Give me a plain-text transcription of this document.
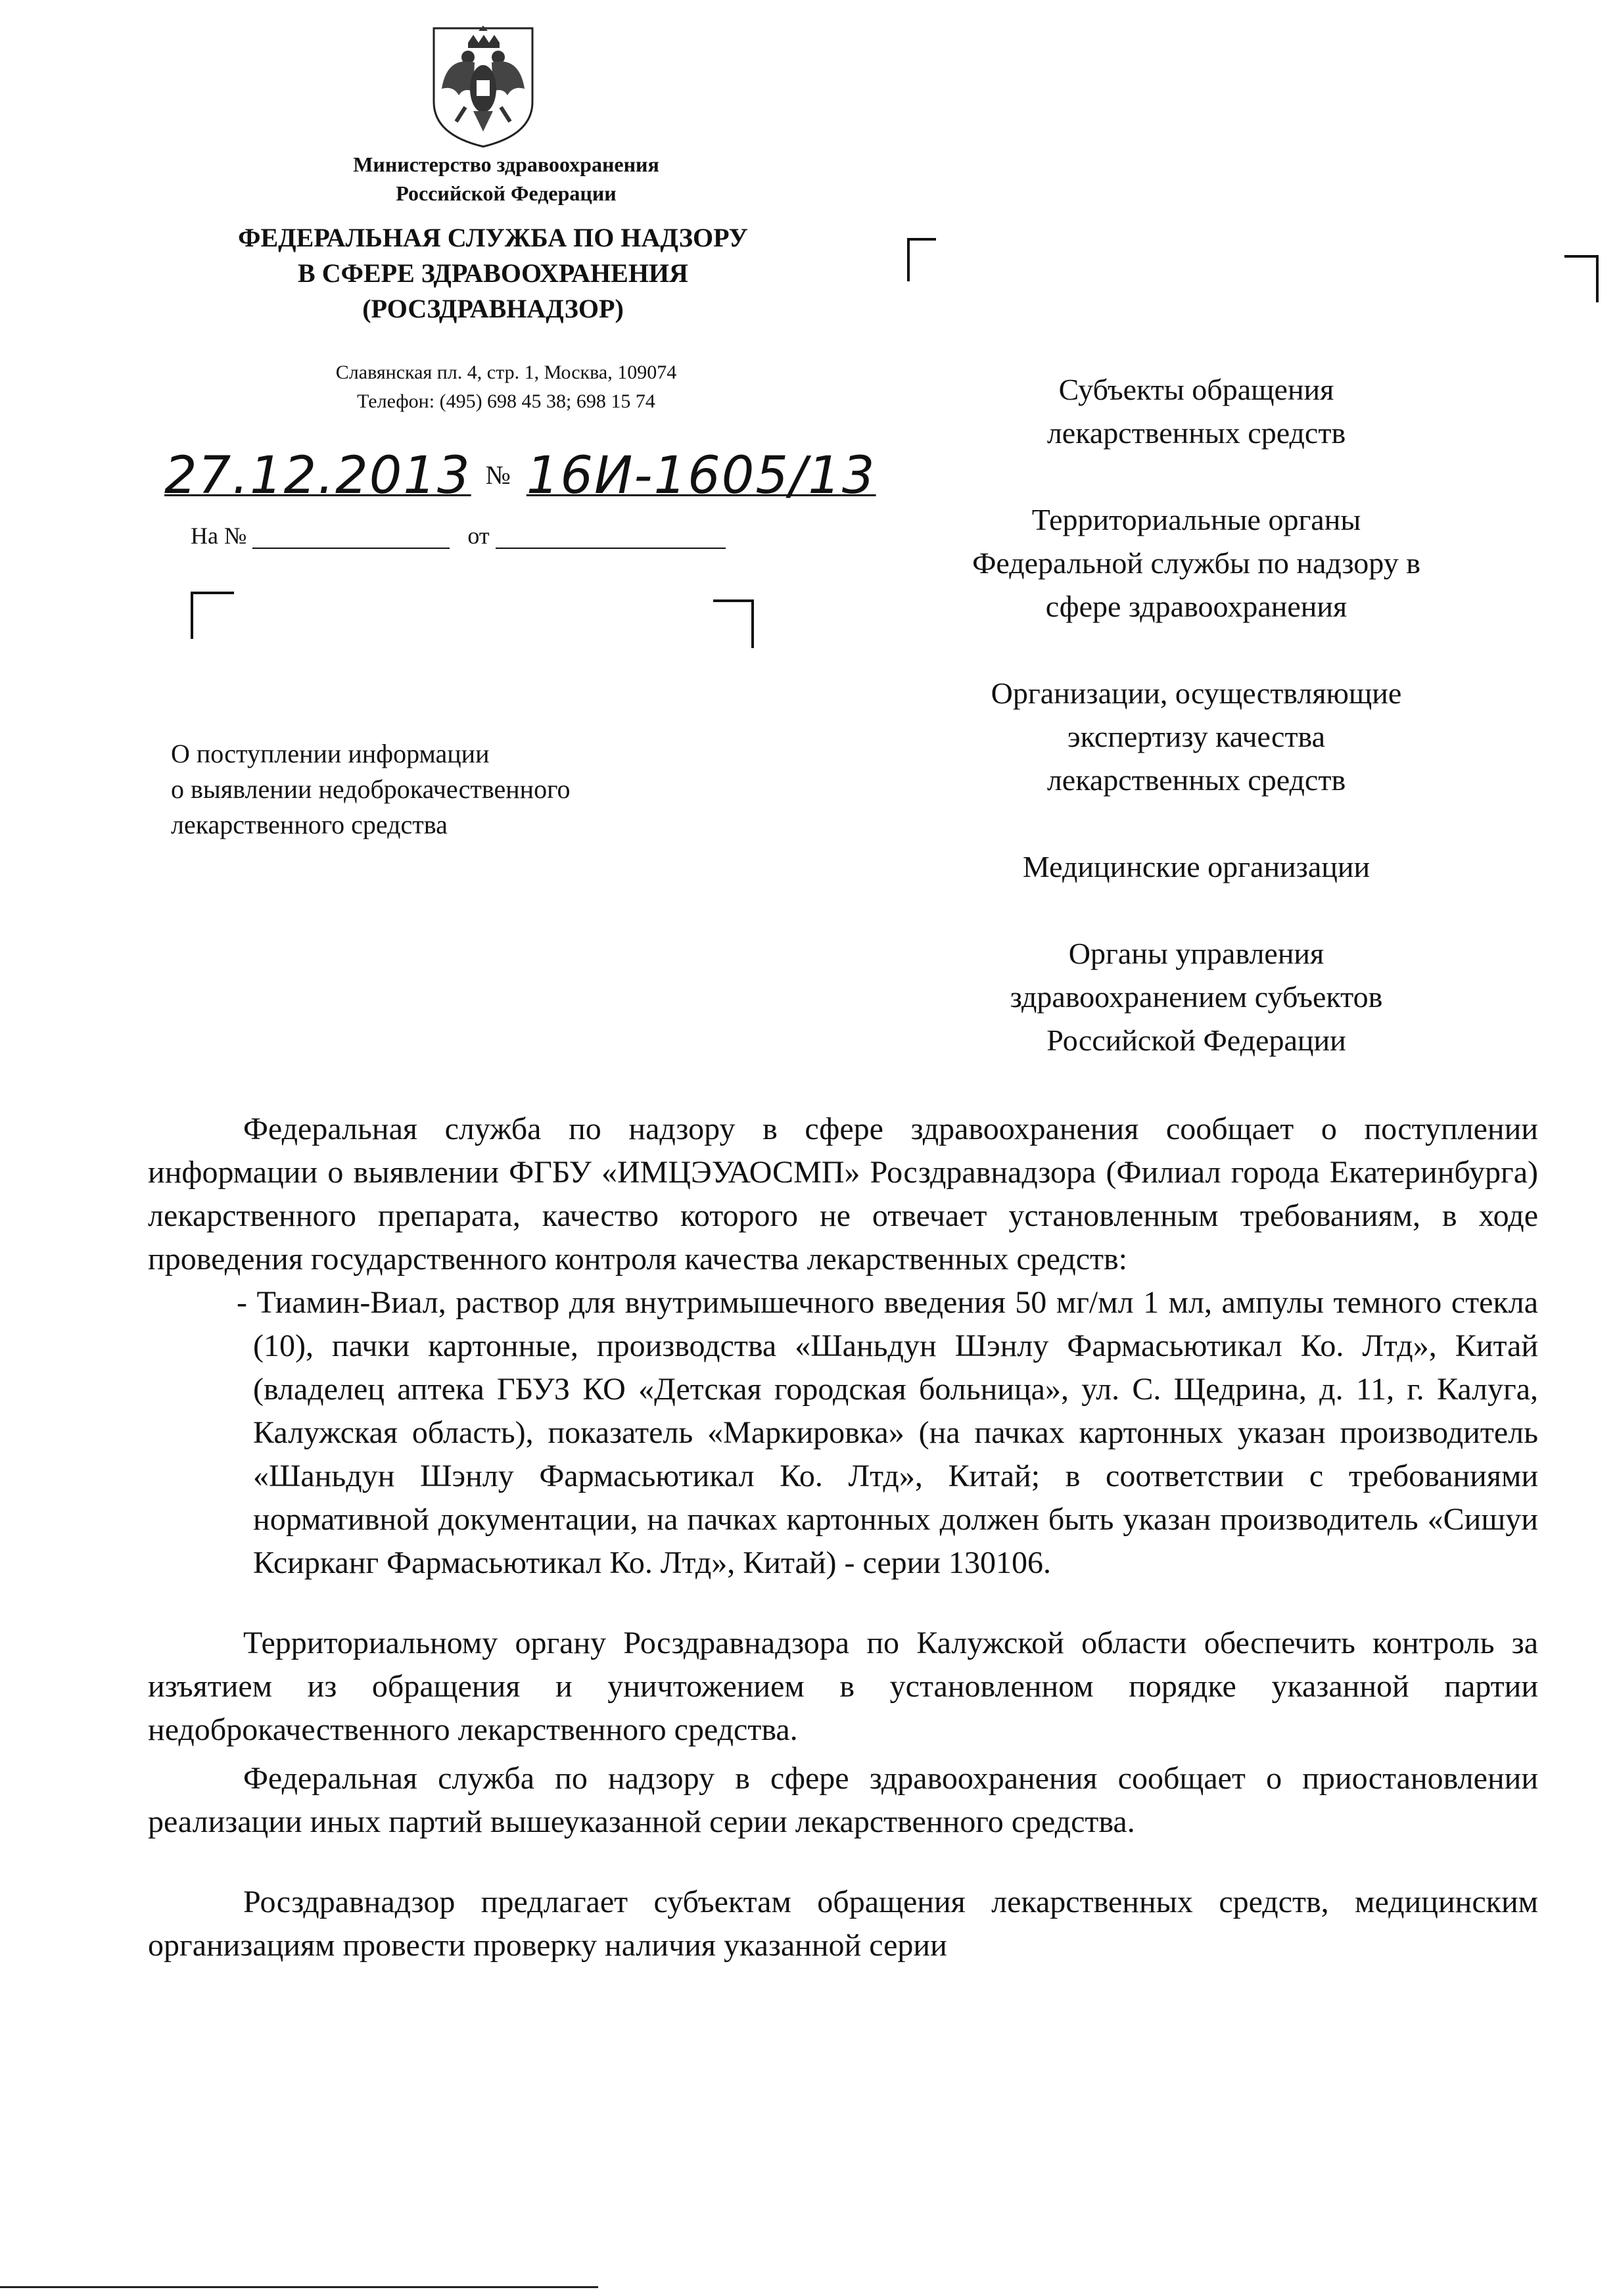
Министерство здравоохранения
Российской Федерации
ФЕДЕРАЛЬНАЯ СЛУЖБА ПО НАДЗОРУ
В СФЕРЕ ЗДРАВООХРАНЕНИЯ
(РОСЗДРАВНАДЗОР)
Славянская пл. 4, стр. 1, Москва, 109074
Телефон: (495) 698 45 38; 698 15 74
27.12.2013 № 16И-1605/13
На №	от
О поступлении информации
о выявлении недоброкачественного
лекарственного средства
Субъекты обращения
лекарственных средств
Территориальные органы
Федеральной службы по надзору в
сфере здравоохранения
Организации, осуществляющие
экспертизу качества
лекарственных средств
Медицинские организации
Органы управления
здравоохранением субъектов
Российской Федерации

Федеральная служба по надзору в сфере здравоохранения сообщает о поступлении информации о выявлении ФГБУ «ИМЦЭУАОСМП» Росздравнадзора (Филиал города Екатеринбурга) лекарственного препарата, качество которого не отвечает установленным требованиям, в ходе проведения государственного контроля качества лекарственных средств:

- Тиамин-Виал, раствор для внутримышечного введения 50 мг/мл 1 мл, ампулы темного стекла (10), пачки картонные, производства «Шаньдун Шэнлу Фармасьютикал Ко. Лтд», Китай (владелец аптека ГБУЗ КО «Детская городская больница», ул. С. Щедрина, д. 11, г. Калуга, Калужская область), показатель «Маркировка» (на пачках картонных указан производитель «Шаньдун Шэнлу Фармасьютикал Ко. Лтд», Китай; в соответствии с требованиями нормативной документации, на пачках картонных должен быть указан производитель «Сишуи Ксирканг Фармасьютикал Ко. Лтд», Китай) - серии 130106.

Территориальному органу Росздравнадзора по Калужской области обеспечить контроль за изъятием из обращения и уничтожением в установленном порядке указанной партии недоброкачественного лекарственного средства.

Федеральная служба по надзору в сфере здравоохранения сообщает о приостановлении реализации иных партий вышеуказанной серии лекарственного средства.

Росздравнадзор предлагает субъектам обращения лекарственных средств, медицинским организациям провести проверку наличия указанной серии
